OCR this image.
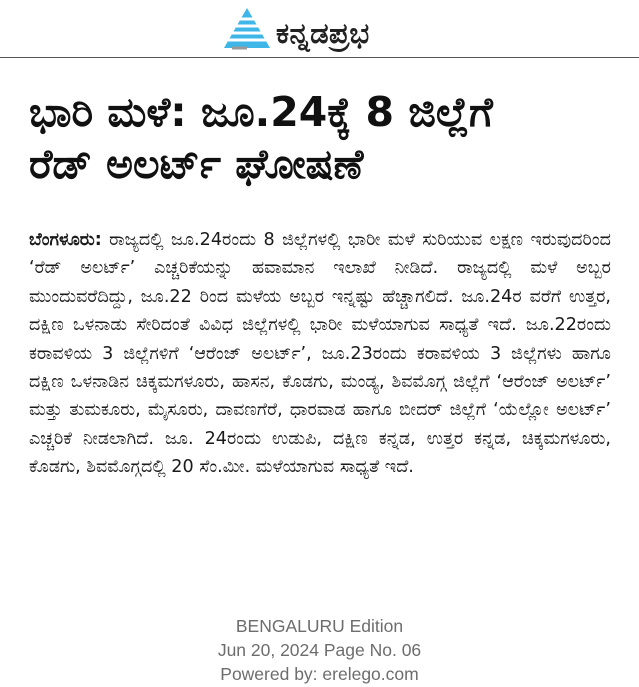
ಕನ್ನಡಪ್ರಭ
ಭಾರಿ ಮಳೆ: ಜೂ.24ಕ್ಕೆ 8 ಜಿಲ್ಲೆಗೆ
ರೆಡ್ ಅಲರ್ಟ್ ಘೋಷಣೆ
ಬೆಂಗಳೂರು: ರಾಜ್ಯದಲ್ಲಿ ಜೂ.24ರಂದು 8 ಜಿಲ್ಲೆಗಳಲ್ಲಿ ಭಾರೀ ಮಳೆ ಸುರಿಯುವ ಲಕ್ಷಣ ಇರುವುದರಿಂದ ‘ರೆಡ್ ಅಲರ್ಟ್’ ಎಚ್ಚರಿಕೆಯನ್ನು ಹವಾಮಾನ ಇಲಾಖೆ ನೀಡಿದೆ. ರಾಜ್ಯದಲ್ಲಿ ಮಳೆ ಅಬ್ಬರ ಮುಂದುವರೆದಿದ್ದು, ಜೂ.22 ರಿಂದ ಮಳೆಯ ಅಬ್ಬರ ಇನ್ನಷ್ಟು ಹೆಚ್ಚಾಗಲಿದೆ. ಜೂ.24ರ ವರೆಗೆ ಉತ್ತರ, ದಕ್ಷಿಣ ಒಳನಾಡು ಸೇರಿದಂತೆ ವಿವಿಧ ಜಿಲ್ಲೆಗಳಲ್ಲಿ ಭಾರೀ ಮಳೆಯಾಗುವ ಸಾಧ್ಯತೆ ಇದೆ. ಜೂ.22ರಂದು ಕರಾವಳಿಯ 3 ಜಿಲ್ಲೆಗಳಿಗೆ ‘ಆರೆಂಜ್ ಅಲರ್ಟ್’, ಜೂ.23ರಂದು ಕರಾವಳಿಯ 3 ಜಿಲ್ಲೆಗಳು ಹಾಗೂ ದಕ್ಷಿಣ ಒಳನಾಡಿನ ಚಿಕ್ಕಮಗಳೂರು, ಹಾಸನ, ಕೊಡಗು, ಮಂಡ್ಯ, ಶಿವಮೊಗ್ಗ ಜಿಲ್ಲೆಗೆ ‘ಆರೆಂಜ್ ಅಲರ್ಟ್’ ಮತ್ತು ತುಮಕೂರು, ಮೈಸೂರು, ದಾವಣಗೆರೆ, ಧಾರವಾಡ ಹಾಗೂ ಬೀದರ್ ಜಿಲ್ಲೆಗೆ ‘ಯೆಲ್ಲೋ ಅಲರ್ಟ್’ ಎಚ್ಚರಿಕೆ ನೀಡಲಾಗಿದೆ. ಜೂ. 24ರಂದು ಉಡುಪಿ, ದಕ್ಷಿಣ ಕನ್ನಡ, ಉತ್ತರ ಕನ್ನಡ, ಚಿಕ್ಕಮಗಳೂರು, ಕೊಡಗು, ಶಿವಮೊಗ್ಗದಲ್ಲಿ 20 ಸೆಂ.ಮೀ. ಮಳೆಯಾಗುವ ಸಾಧ್ಯತೆ ಇದೆ.
BENGALURU Edition
Jun 20, 2024 Page No. 06
Powered by: erelego.com
